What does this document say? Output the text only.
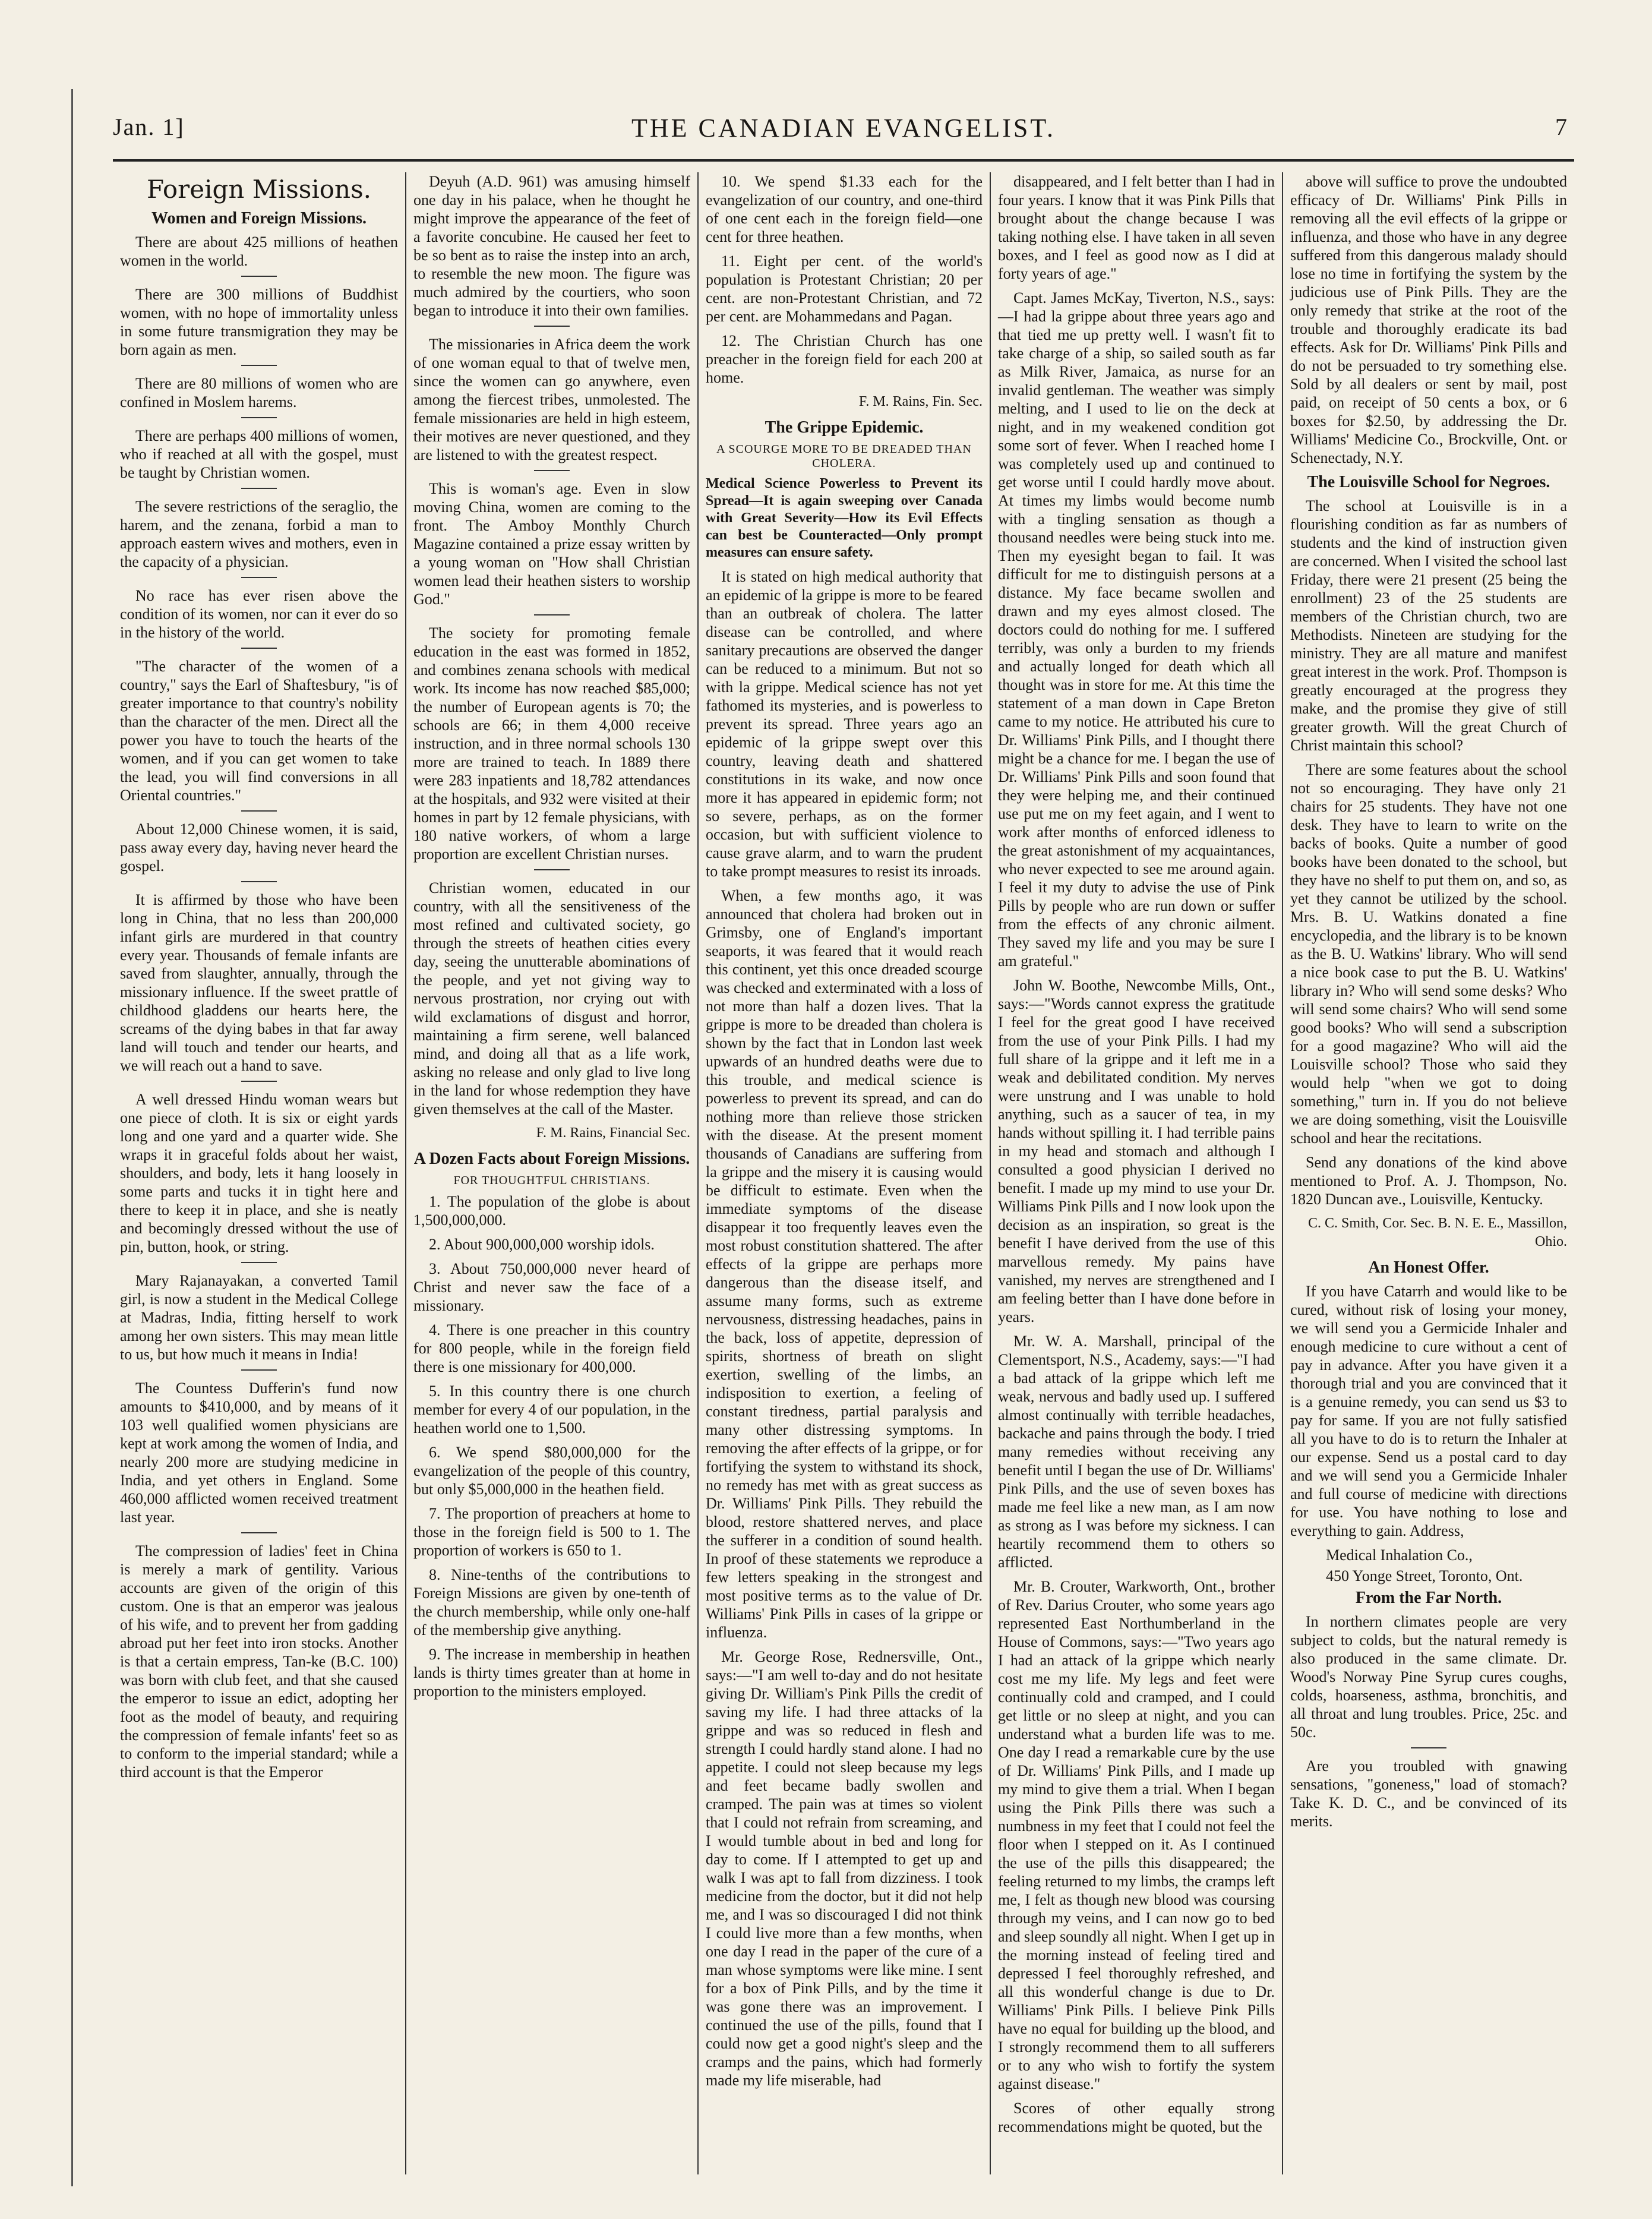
Jan. 1]	THE CANADIAN EVANGELIST.	7
Foreign Missions.
Women and Foreign Missions.

There are about 425 millions of heathen women in the world.

There are 300 millions of Buddhist women, with no hope of immortality unless in some future transmigration they may be born again as men.

There are 80 millions of women who are confined in Moslem harems.

There are perhaps 400 millions of women, who if reached at all with the gospel, must be taught by Christian women.

The severe restrictions of the seraglio, the harem, and the zenana, forbid a man to approach eastern wives and mothers, even in the capacity of a physician.

No race has ever risen above the condition of its women, nor can it ever do so in the history of the world.

"The character of the women of a country," says the Earl of Shaftesbury, "is of greater importance to that country's nobility than the character of the men. Direct all the power you have to touch the hearts of the women, and if you can get women to take the lead, you will find conversions in all Oriental countries."

About 12,000 Chinese women, it is said, pass away every day, having never heard the gospel.

It is affirmed by those who have been long in China, that no less than 200,000 infant girls are murdered in that country every year. Thousands of female infants are saved from slaughter, annually, through the missionary influence. If the sweet prattle of childhood gladdens our hearts here, the screams of the dying babes in that far away land will touch and tender our hearts, and we will reach out a hand to save.

A well dressed Hindu woman wears but one piece of cloth. It is six or eight yards long and one yard and a quarter wide. She wraps it in graceful folds about her waist, shoulders, and body, lets it hang loosely in some parts and tucks it in tight here and there to keep it in place, and she is neatly and becomingly dressed without the use of pin, button, hook, or string.

Mary Rajanayakan, a converted Tamil girl, is now a student in the Medical College at Madras, India, fitting herself to work among her own sisters. This may mean little to us, but how much it means in India!

The Countess Dufferin's fund now amounts to $410,000, and by means of it 103 well qualified women physicians are kept at work among the women of India, and nearly 200 more are studying medicine in India, and yet others in England. Some 460,000 afflicted women received treatment last year.

The compression of ladies' feet in China is merely a mark of gentility. Various accounts are given of the origin of this custom. One is that an emperor was jealous of his wife, and to prevent her from gadding abroad put her feet into iron stocks. Another is that a certain empress, Tan-ke (B.C. 100) was born with club feet, and that she caused the emperor to issue an edict, adopting her foot as the model of beauty, and requiring the compression of female infants' feet so as to conform to the imperial standard; while a third account is that the Emperor

Deyuh (A.D. 961) was amusing himself one day in his palace, when he thought he might improve the appearance of the feet of a favorite concubine. He caused her feet to be so bent as to raise the instep into an arch, to resemble the new moon. The figure was much admired by the courtiers, who soon began to introduce it into their own families.

The missionaries in Africa deem the work of one woman equal to that of twelve men, since the women can go anywhere, even among the fiercest tribes, unmolested. The female missionaries are held in high esteem, their motives are never questioned, and they are listened to with the greatest respect.

This is woman's age. Even in slow moving China, women are coming to the front. The Amboy Monthly Church Magazine contained a prize essay written by a young woman on "How shall Christian women lead their heathen sisters to worship God."

The society for promoting female education in the east was formed in 1852, and combines zenana schools with medical work. Its income has now reached $85,000; the number of European agents is 70; the schools are 66; in them 4,000 receive instruction, and in three normal schools 130 more are trained to teach. In 1889 there were 283 inpatients and 18,782 attendances at the hospitals, and 932 were visited at their homes in part by 12 female physicians, with 180 native workers, of whom a large proportion are excellent Christian nurses.

Christian women, educated in our country, with all the sensitiveness of the most refined and cultivated society, go through the streets of heathen cities every day, seeing the unutterable abominations of the people, and yet not giving way to nervous prostration, nor crying out with wild exclamations of disgust and horror, maintaining a firm serene, well balanced mind, and doing all that as a life work, asking no release and only glad to live long in the land for whose redemption they have given themselves at the call of the Master.

F. M. Rains, Financial Sec.
A Dozen Facts about Foreign Missions.
FOR THOUGHTFUL CHRISTIANS.

1. The population of the globe is about 1,500,000,000.

2. About 900,000,000 worship idols.

3. About 750,000,000 never heard of Christ and never saw the face of a missionary.

4. There is one preacher in this country for 800 people, while in the foreign field there is one missionary for 400,000.

5. In this country there is one church member for every 4 of our population, in the heathen world one to 1,500.

6. We spend $80,000,000 for the evangelization of the people of this country, but only $5,000,000 in the heathen field.

7. The proportion of preachers at home to those in the foreign field is 500 to 1. The proportion of workers is 650 to 1.

8. Nine-tenths of the contributions to Foreign Missions are given by one-tenth of the church membership, while only one-half of the membership give anything.

9. The increase in membership in heathen lands is thirty times greater than at home in proportion to the ministers employed.

10. We spend $1.33 each for the evangelization of our country, and one-third of one cent each in the foreign field—one cent for three heathen.

11. Eight per cent. of the world's population is Protestant Christian; 20 per cent. are non-Protestant Christian, and 72 per cent. are Mohammedans and Pagan.

12. The Christian Church has one preacher in the foreign field for each 200 at home.

F. M. Rains, Fin. Sec.
The Grippe Epidemic.
A SCOURGE MORE TO BE DREADED THAN CHOLERA.
Medical Science Powerless to Prevent its Spread—It is again sweeping over Canada with Great Severity—How its Evil Effects can best be Counteracted—Only prompt measures can ensure safety.

It is stated on high medical authority that an epidemic of la grippe is more to be feared than an outbreak of cholera. The latter disease can be controlled, and where sanitary precautions are observed the danger can be reduced to a minimum. But not so with la grippe. Medical science has not yet fathomed its mysteries, and is powerless to prevent its spread. Three years ago an epidemic of la grippe swept over this country, leaving death and shattered constitutions in its wake, and now once more it has appeared in epidemic form; not so severe, perhaps, as on the former occasion, but with sufficient violence to cause grave alarm, and to warn the prudent to take prompt measures to resist its inroads.

When, a few months ago, it was announced that cholera had broken out in Grimsby, one of England's important seaports, it was feared that it would reach this continent, yet this once dreaded scourge was checked and exterminated with a loss of not more than half a dozen lives. That la grippe is more to be dreaded than cholera is shown by the fact that in London last week upwards of an hundred deaths were due to this trouble, and medical science is powerless to prevent its spread, and can do nothing more than relieve those stricken with the disease. At the present moment thousands of Canadians are suffering from la grippe and the misery it is causing would be difficult to estimate. Even when the immediate symptoms of the disease disappear it too frequently leaves even the most robust constitution shattered. The after effects of la grippe are perhaps more dangerous than the disease itself, and assume many forms, such as extreme nervousness, distressing headaches, pains in the back, loss of appetite, depression of spirits, shortness of breath on slight exertion, swelling of the limbs, an indisposition to exertion, a feeling of constant tiredness, partial paralysis and many other distressing symptoms. In removing the after effects of la grippe, or for fortifying the system to withstand its shock, no remedy has met with as great success as Dr. Williams' Pink Pills. They rebuild the blood, restore shattered nerves, and place the sufferer in a condition of sound health. In proof of these statements we reproduce a few letters speaking in the strongest and most positive terms as to the value of Dr. Williams' Pink Pills in cases of la grippe or influenza.

Mr. George Rose, Rednersville, Ont., says:—"I am well to-day and do not hesitate giving Dr. William's Pink Pills the credit of saving my life. I had three attacks of la grippe and was so reduced in flesh and strength I could hardly stand alone. I had no appetite. I could not sleep because my legs and feet became badly swollen and cramped. The pain was at times so violent that I could not refrain from screaming, and I would tumble about in bed and long for day to come. If I attempted to get up and walk I was apt to fall from dizziness. I took medicine from the doctor, but it did not help me, and I was so discouraged I did not think I could live more than a few months, when one day I read in the paper of the cure of a man whose symptoms were like mine. I sent for a box of Pink Pills, and by the time it was gone there was an improvement. I continued the use of the pills, found that I could now get a good night's sleep and the cramps and the pains, which had formerly made my life miserable, had

disappeared, and I felt better than I had in four years. I know that it was Pink Pills that brought about the change because I was taking nothing else. I have taken in all seven boxes, and I feel as good now as I did at forty years of age."

Capt. James McKay, Tiverton, N.S., says:—I had la grippe about three years ago and that tied me up pretty well. I wasn't fit to take charge of a ship, so sailed south as far as Milk River, Jamaica, as nurse for an invalid gentleman. The weather was simply melting, and I used to lie on the deck at night, and in my weakened condition got some sort of fever. When I reached home I was completely used up and continued to get worse until I could hardly move about. At times my limbs would become numb with a tingling sensation as though a thousand needles were being stuck into me. Then my eyesight began to fail. It was difficult for me to distinguish persons at a distance. My face became swollen and drawn and my eyes almost closed. The doctors could do nothing for me. I suffered terribly, was only a burden to my friends and actually longed for death which all thought was in store for me. At this time the statement of a man down in Cape Breton came to my notice. He attributed his cure to Dr. Williams' Pink Pills, and I thought there might be a chance for me. I began the use of Dr. Williams' Pink Pills and soon found that they were helping me, and their continued use put me on my feet again, and I went to work after months of enforced idleness to the great astonishment of my acquaintances, who never expected to see me around again. I feel it my duty to advise the use of Pink Pills by people who are run down or suffer from the effects of any chronic ailment. They saved my life and you may be sure I am grateful."

John W. Boothe, Newcombe Mills, Ont., says:—"Words cannot express the gratitude I feel for the great good I have received from the use of your Pink Pills. I had my full share of la grippe and it left me in a weak and debilitated condition. My nerves were unstrung and I was unable to hold anything, such as a saucer of tea, in my hands without spilling it. I had terrible pains in my head and stomach and although I consulted a good physician I derived no benefit. I made up my mind to use your Dr. Williams Pink Pills and I now look upon the decision as an inspiration, so great is the benefit I have derived from the use of this marvellous remedy. My pains have vanished, my nerves are strengthened and I am feeling better than I have done before in years.

Mr. W. A. Marshall, principal of the Clementsport, N.S., Academy, says:—"I had a bad attack of la grippe which left me weak, nervous and badly used up. I suffered almost continually with terrible headaches, backache and pains through the body. I tried many remedies without receiving any benefit until I began the use of Dr. Williams' Pink Pills, and the use of seven boxes has made me feel like a new man, as I am now as strong as I was before my sickness. I can heartily recommend them to others so afflicted.

Mr. B. Crouter, Warkworth, Ont., brother of Rev. Darius Crouter, who some years ago represented East Northumberland in the House of Commons, says:—"Two years ago I had an attack of la grippe which nearly cost me my life. My legs and feet were continually cold and cramped, and I could get little or no sleep at night, and you can understand what a burden life was to me. One day I read a remarkable cure by the use of Dr. Williams' Pink Pills, and I made up my mind to give them a trial. When I began using the Pink Pills there was such a numbness in my feet that I could not feel the floor when I stepped on it. As I continued the use of the pills this disappeared; the feeling returned to my limbs, the cramps left me, I felt as though new blood was coursing through my veins, and I can now go to bed and sleep soundly all night. When I get up in the morning instead of feeling tired and depressed I feel thoroughly refreshed, and all this wonderful change is due to Dr. Williams' Pink Pills. I believe Pink Pills have no equal for building up the blood, and I strongly recommend them to all sufferers or to any who wish to fortify the system against disease."

Scores of other equally strong recommendations might be quoted, but the

above will suffice to prove the undoubted efficacy of Dr. Williams' Pink Pills in removing all the evil effects of la grippe or influenza, and those who have in any degree suffered from this dangerous malady should lose no time in fortifying the system by the judicious use of Pink Pills. They are the only remedy that strike at the root of the trouble and thoroughly eradicate its bad effects. Ask for Dr. Williams' Pink Pills and do not be persuaded to try something else. Sold by all dealers or sent by mail, post paid, on receipt of 50 cents a box, or 6 boxes for $2.50, by addressing the Dr. Williams' Medicine Co., Brockville, Ont. or Schenectady, N.Y.

The Louisville School for Negroes.

The school at Louisville is in a flourishing condition as far as numbers of students and the kind of instruction given are concerned. When I visited the school last Friday, there were 21 present (25 being the enrollment) 23 of the 25 students are members of the Christian church, two are Methodists. Nineteen are studying for the ministry. They are all mature and manifest great interest in the work. Prof. Thompson is greatly encouraged at the progress they make, and the promise they give of still greater growth. Will the great Church of Christ maintain this school?

There are some features about the school not so encouraging. They have only 21 chairs for 25 students. They have not one desk. They have to learn to write on the backs of books. Quite a number of good books have been donated to the school, but they have no shelf to put them on, and so, as yet they cannot be utilized by the school. Mrs. B. U. Watkins donated a fine encyclopedia, and the library is to be known as the B. U. Watkins' library. Who will send a nice book case to put the B. U. Watkins' library in? Who will send some desks? Who will send some chairs? Who will send some good books? Who will send a subscription for a good magazine? Who will aid the Louisville school? Those who said they would help "when we got to doing something," turn in. If you do not believe we are doing something, visit the Louisville school and hear the recitations.

Send any donations of the kind above mentioned to Prof. A. J. Thompson, No. 1820 Duncan ave., Louisville, Kentucky.

C. C. Smith, Cor. Sec. B. N. E. E., Massillon, Ohio.
An Honest Offer.

If you have Catarrh and would like to be cured, without risk of losing your money, we will send you a Germicide Inhaler and enough medicine to cure without a cent of pay in advance. After you have given it a thorough trial and you are convinced that it is a genuine remedy, you can send us $3 to pay for same. If you are not fully satisfied all you have to do is to return the Inhaler at our expense. Send us a postal card to day and we will send you a Germicide Inhaler and full course of medicine with directions for use. You have nothing to lose and everything to gain. Address,

Medical Inhalation Co.,

450 Yonge Street, Toronto, Ont.

From the Far North.

In northern climates people are very subject to colds, but the natural remedy is also produced in the same climate. Dr. Wood's Norway Pine Syrup cures coughs, colds, hoarseness, asthma, bronchitis, and all throat and lung troubles. Price, 25c. and 50c.

Are you troubled with gnawing sensations, "goneness," load of stomach? Take K. D. C., and be convinced of its merits.
